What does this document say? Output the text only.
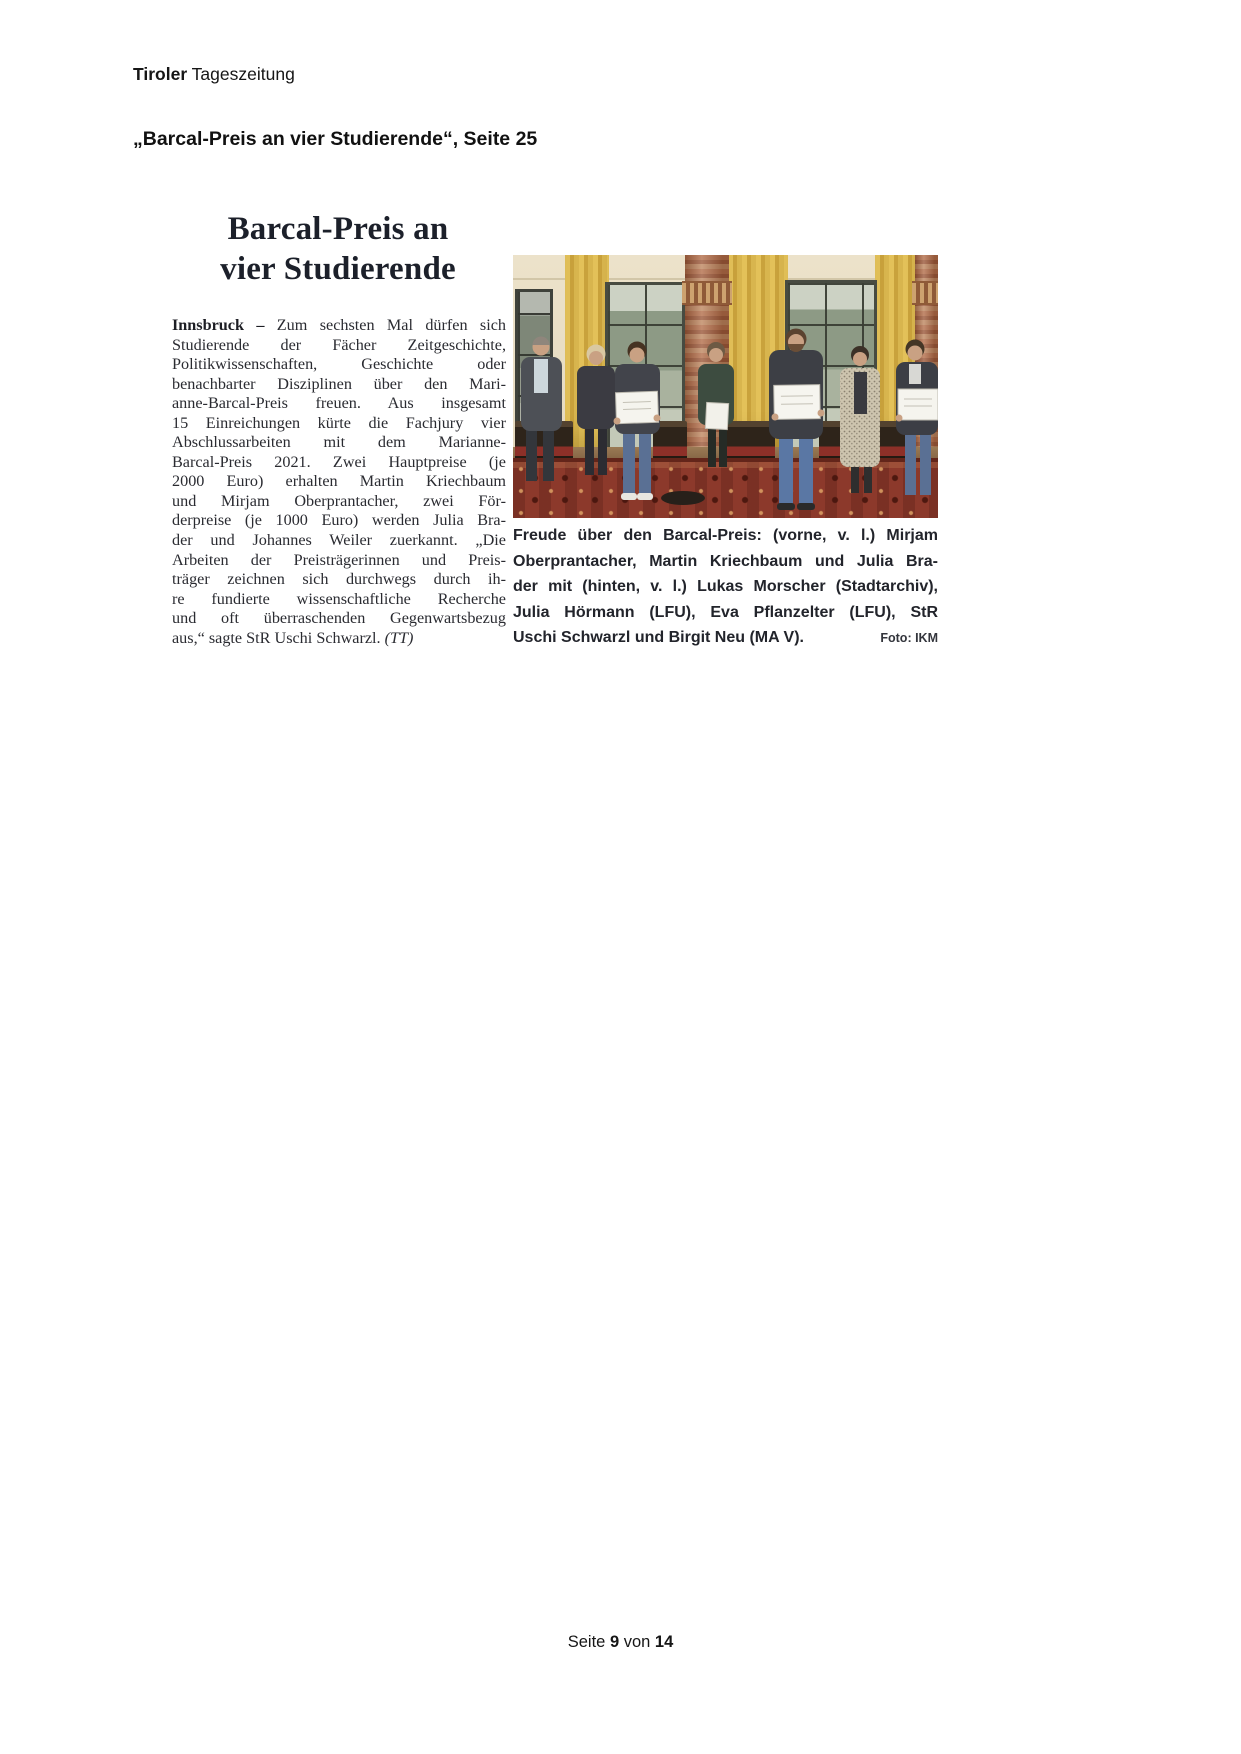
Tiroler Tageszeitung
„Barcal-Preis an vier Studierende“, Seite 25
Barcal-Preis an
vier Studierende
Innsbruck – Zum sechsten Mal dürfen sich
Studierende der Fächer Zeitgeschichte,
Politikwissenschaften, Geschichte oder
benachbarter Disziplinen über den Mari-
anne-Barcal-Preis freuen. Aus insgesamt
15 Einreichungen kürte die Fachjury vier
Abschlussarbeiten mit dem Marianne-
Barcal-Preis 2021. Zwei Hauptpreise (je
2000 Euro) erhalten Martin Kriechbaum
und Mirjam Oberprantacher, zwei För-
derpreise (je 1000 Euro) werden Julia Bra-
der und Johannes Weiler zuerkannt. „Die
Arbeiten der Preisträgerinnen und Preis-
träger zeichnen sich durchwegs durch ih-
re fundierte wissenschaftliche Recherche
und oft überraschenden Gegenwartsbezug
aus,“ sagte StR Uschi Schwarzl. (TT)
Freude über den Barcal-Preis: (vorne, v. l.) Mirjam
Oberprantacher, Martin Kriechbaum und Julia Bra-
der mit (hinten, v. l.) Lukas Morscher (Stadtarchiv),
Julia Hörmann (LFU), Eva Pflanzelter (LFU), StR
Uschi Schwarzl und Birgit Neu (MA V).	Foto: IKM
Seite 9 von 14
